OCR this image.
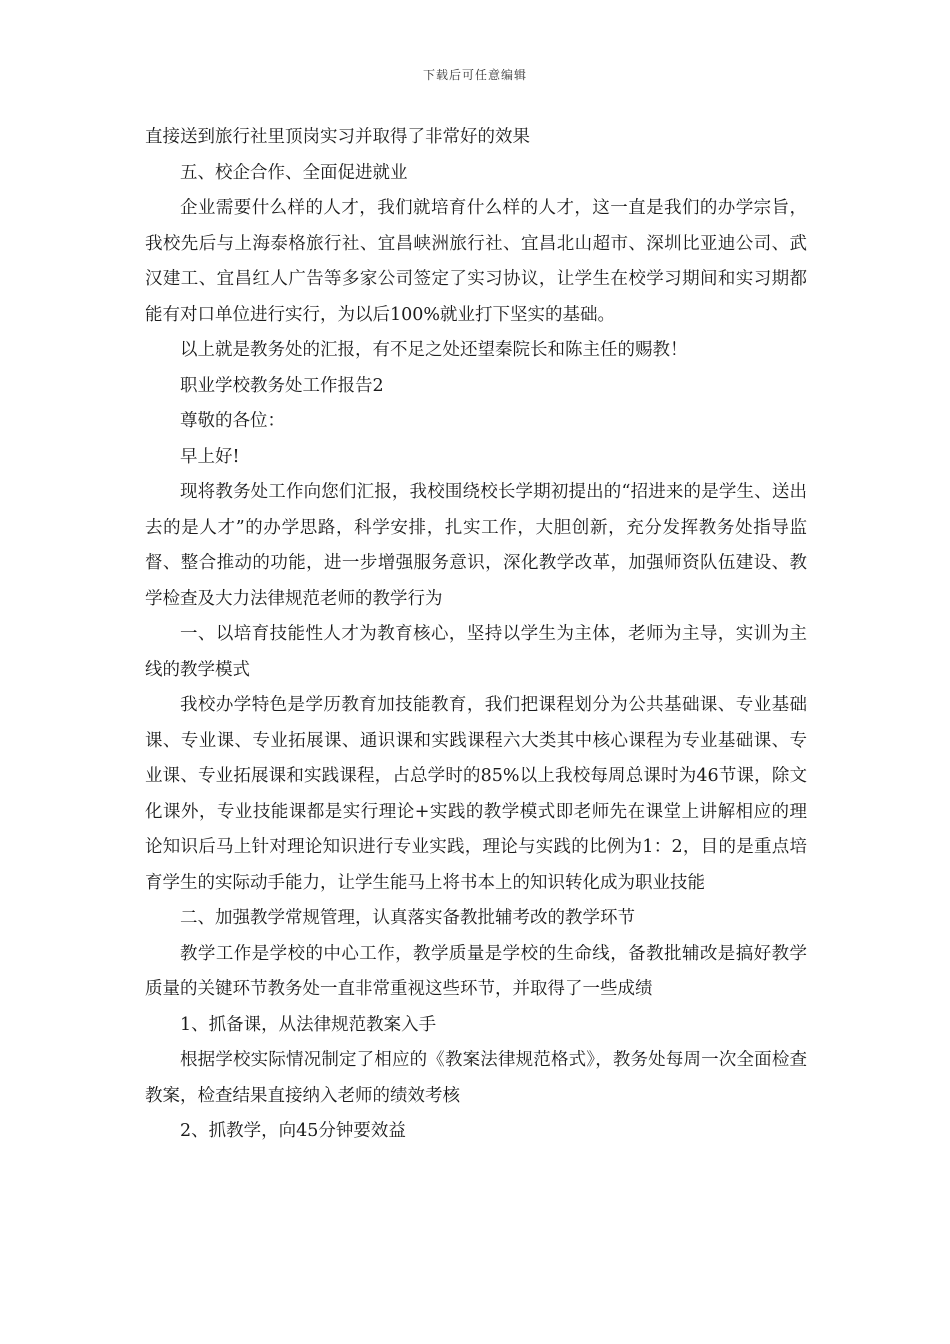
下载后可任意编辑

直接送到旅行社里顶岗实习并取得了非常好的效果

五、校企合作、全面促进就业

企业需要什么样的人才，我们就培育什么样的人才，这一直是我们的办学宗旨，我校先后与上海泰格旅行社、宜昌峡洲旅行社、宜昌北山超市、深圳比亚迪公司、武汉建工、宜昌红人广告等多家公司签定了实习协议，让学生在校学习期间和实习期都能有对口单位进行实行，为以后100%就业打下坚实的基础。

以上就是教务处的汇报，有不足之处还望秦院长和陈主任的赐教！

职业学校教务处工作报告2

尊敬的各位：

早上好!

现将教务处工作向您们汇报，我校围绕校长学期初提出的“招进来的是学生、送出去的是人才”的办学思路，科学安排，扎实工作，大胆创新，充分发挥教务处指导监督、整合推动的功能，进一步增强服务意识，深化教学改革，加强师资队伍建设、教学检查及大力法律规范老师的教学行为

一、以培育技能性人才为教育核心，坚持以学生为主体，老师为主导，实训为主线的教学模式

我校办学特色是学历教育加技能教育，我们把课程划分为公共基础课、专业基础课、专业课、专业拓展课、通识课和实践课程六大类其中核心课程为专业基础课、专业课、专业拓展课和实践课程，占总学时的85%以上我校每周总课时为46节课，除文化课外，专业技能课都是实行理论+实践的教学模式即老师先在课堂上讲解相应的理论知识后马上针对理论知识进行专业实践，理论与实践的比例为1：2，目的是重点培育学生的实际动手能力，让学生能马上将书本上的知识转化成为职业技能

二、加强教学常规管理，认真落实备教批辅考改的教学环节

教学工作是学校的中心工作，教学质量是学校的生命线，备教批辅改是搞好教学质量的关键环节教务处一直非常重视这些环节，并取得了一些成绩

1、抓备课，从法律规范教案入手

根据学校实际情况制定了相应的《教案法律规范格式》，教务处每周一次全面检查教案，检查结果直接纳入老师的绩效考核

2、抓教学，向45分钟要效益
